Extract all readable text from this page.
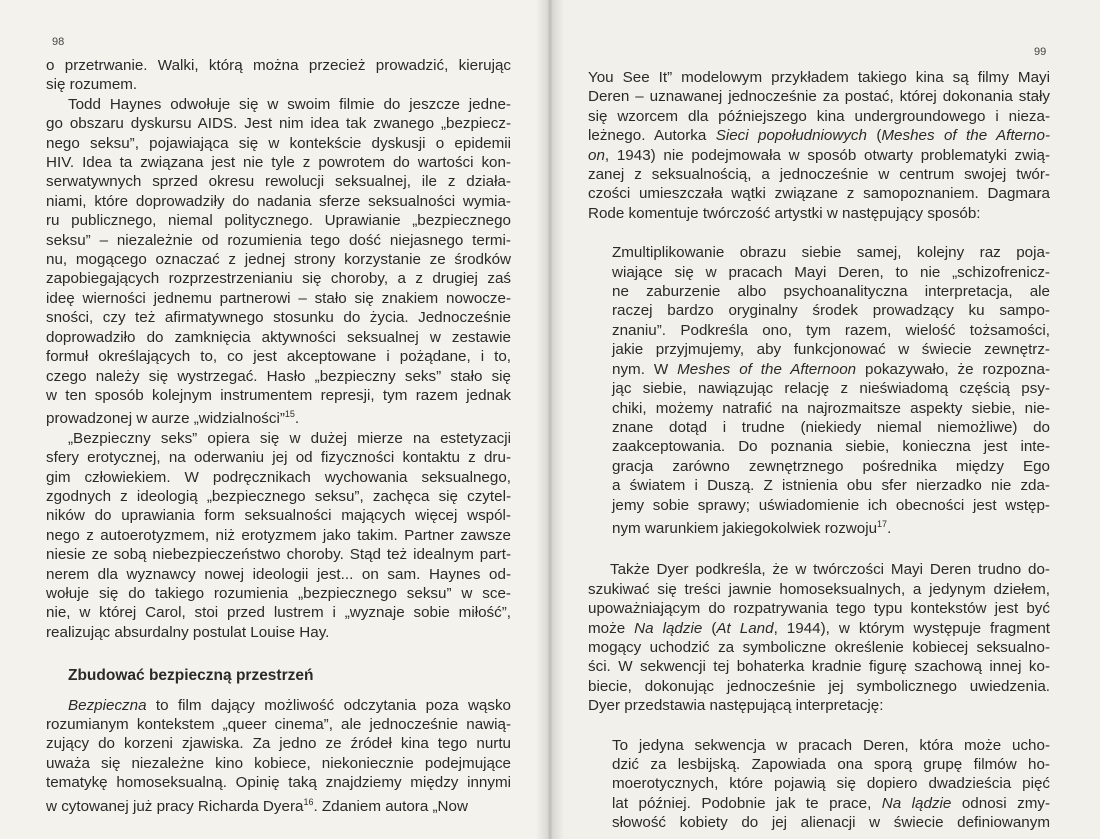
98

o przetrwanie. Walki, którą można przecież prowadzić, kierując
się rozumem.

Todd Haynes odwołuje się w swoim filmie do jeszcze jedne-
go obszaru dyskursu AIDS. Jest nim idea tak zwanego „bezpiecz-
nego seksu”, pojawiająca się w kontekście dyskusji o epidemii
HIV. Idea ta związana jest nie tyle z powrotem do wartości kon-
serwatywnych sprzed okresu rewolucji seksualnej, ile z działa-
niami, które doprowadziły do nadania sferze seksualności wymia-
ru publicznego, niemal politycznego. Uprawianie „bezpiecznego
seksu” – niezależnie od rozumienia tego dość niejasnego termi-
nu, mogącego oznaczać z jednej strony korzystanie ze środków
zapobiegających rozprzestrzenianiu się choroby, a z drugiej zaś
ideę wierności jednemu partnerowi – stało się znakiem nowocze-
sności, czy też afirmatywnego stosunku do życia. Jednocześnie
doprowadziło do zamknięcia aktywności seksualnej w zestawie
formuł określających to, co jest akceptowane i pożądane, i to,
czego należy się wystrzegać. Hasło „bezpieczny seks” stało się
w ten sposób kolejnym instrumentem represji, tym razem jednak
prowadzonej w aurze „widzialności”$^{15}$.

„Bezpieczny seks” opiera się w dużej mierze na estetyzacji
sfery erotycznej, na oderwaniu jej od fizyczności kontaktu z dru-
gim człowiekiem. W podręcznikach wychowania seksualnego,
zgodnych z ideologią „bezpiecznego seksu”, zachęca się czytel-
ników do uprawiania form seksualności mających więcej wspól-
nego z autoerotyzmem, niż erotyzmem jako takim. Partner zawsze
niesie ze sobą niebezpieczeństwo choroby. Stąd też idealnym part-
nerem dla wyznawcy nowej ideologii jest... on sam. Haynes od-
wołuje się do takiego rozumienia „bezpiecznego seksu” w sce-
nie, w której Carol, stoi przed lustrem i „wyznaje sobie miłość”,
realizując absurdalny postulat Louise Hay.

Zbudować bezpieczną przestrzeń

Bezpieczna to film dający możliwość odczytania poza wąsko
rozumianym kontekstem „queer cinema”, ale jednocześnie nawią-
zujący do korzeni zjawiska. Za jedno ze źródeł kina tego nurtu
uważa się niezależne kino kobiece, niekoniecznie podejmujące
tematykę homoseksualną. Opinię taką znajdziemy między innymi
w cytowanej już pracy Richarda Dyera$^{16}$. Zdaniem autora „Now

99

You See It” modelowym przykładem takiego kina są filmy Mayi
Deren – uznawanej jednocześnie za postać, której dokonania stały
się wzorcem dla późniejszego kina undergroundowego i nieza-
leżnego. Autorka Sieci popołudniowych (Meshes of the Afterno-
on, 1943) nie podejmowała w sposób otwarty problematyki zwią-
zanej z seksualnością, a jednocześnie w centrum swojej twór-
czości umieszczała wątki związane z samopoznaniem. Dagmara
Rode komentuje twórczość artystki w następujący sposób:

Zmultiplikowanie obrazu siebie samej, kolejny raz poja-
wiające się w pracach Mayi Deren, to nie „schizofrenicz-
ne zaburzenie albo psychoanalityczna interpretacja, ale
raczej bardzo oryginalny środek prowadzący ku sampo-
znaniu”. Podkreśla ono, tym razem, wielość tożsamości,
jakie przyjmujemy, aby funkcjonować w świecie zewnętrz-
nym. W Meshes of the Afternoon pokazywało, że rozpozna-
jąc siebie, nawiązując relację z nieświadomą częścią psy-
chiki, możemy natrafić na najrozmaitsze aspekty siebie, nie-
znane dotąd i trudne (niekiedy niemal niemożliwe) do
zaakceptowania. Do poznania siebie, konieczna jest inte-
gracja zarówno zewnętrznego pośrednika między Ego
a światem i Duszą. Z istnienia obu sfer nierzadko nie zda-
jemy sobie sprawy; uświadomienie ich obecności jest wstęp-
nym warunkiem jakiegokolwiek rozwoju$^{17}$.

Także Dyer podkreśla, że w twórczości Mayi Deren trudno do-
szukiwać się treści jawnie homoseksualnych, a jedynym dziełem,
upoważniającym do rozpatrywania tego typu kontekstów jest być
może Na lądzie (At Land, 1944), w którym występuje fragment
mogący uchodzić za symboliczne określenie kobiecej seksualno-
ści. W sekwencji tej bohaterka kradnie figurę szachową innej ko-
biecie, dokonując jednocześnie jej symbolicznego uwiedzenia.
Dyer przedstawia następującą interpretację:

To jedyna sekwencja w pracach Deren, która może ucho-
dzić za lesbijską. Zapowiada ona sporą grupę filmów ho-
moerotycznych, które pojawią się dopiero dwadzieścia pięć
lat później. Podobnie jak te prace, Na lądzie odnosi zmy-
słowość kobiety do jej alienacji w świecie definiowanym
